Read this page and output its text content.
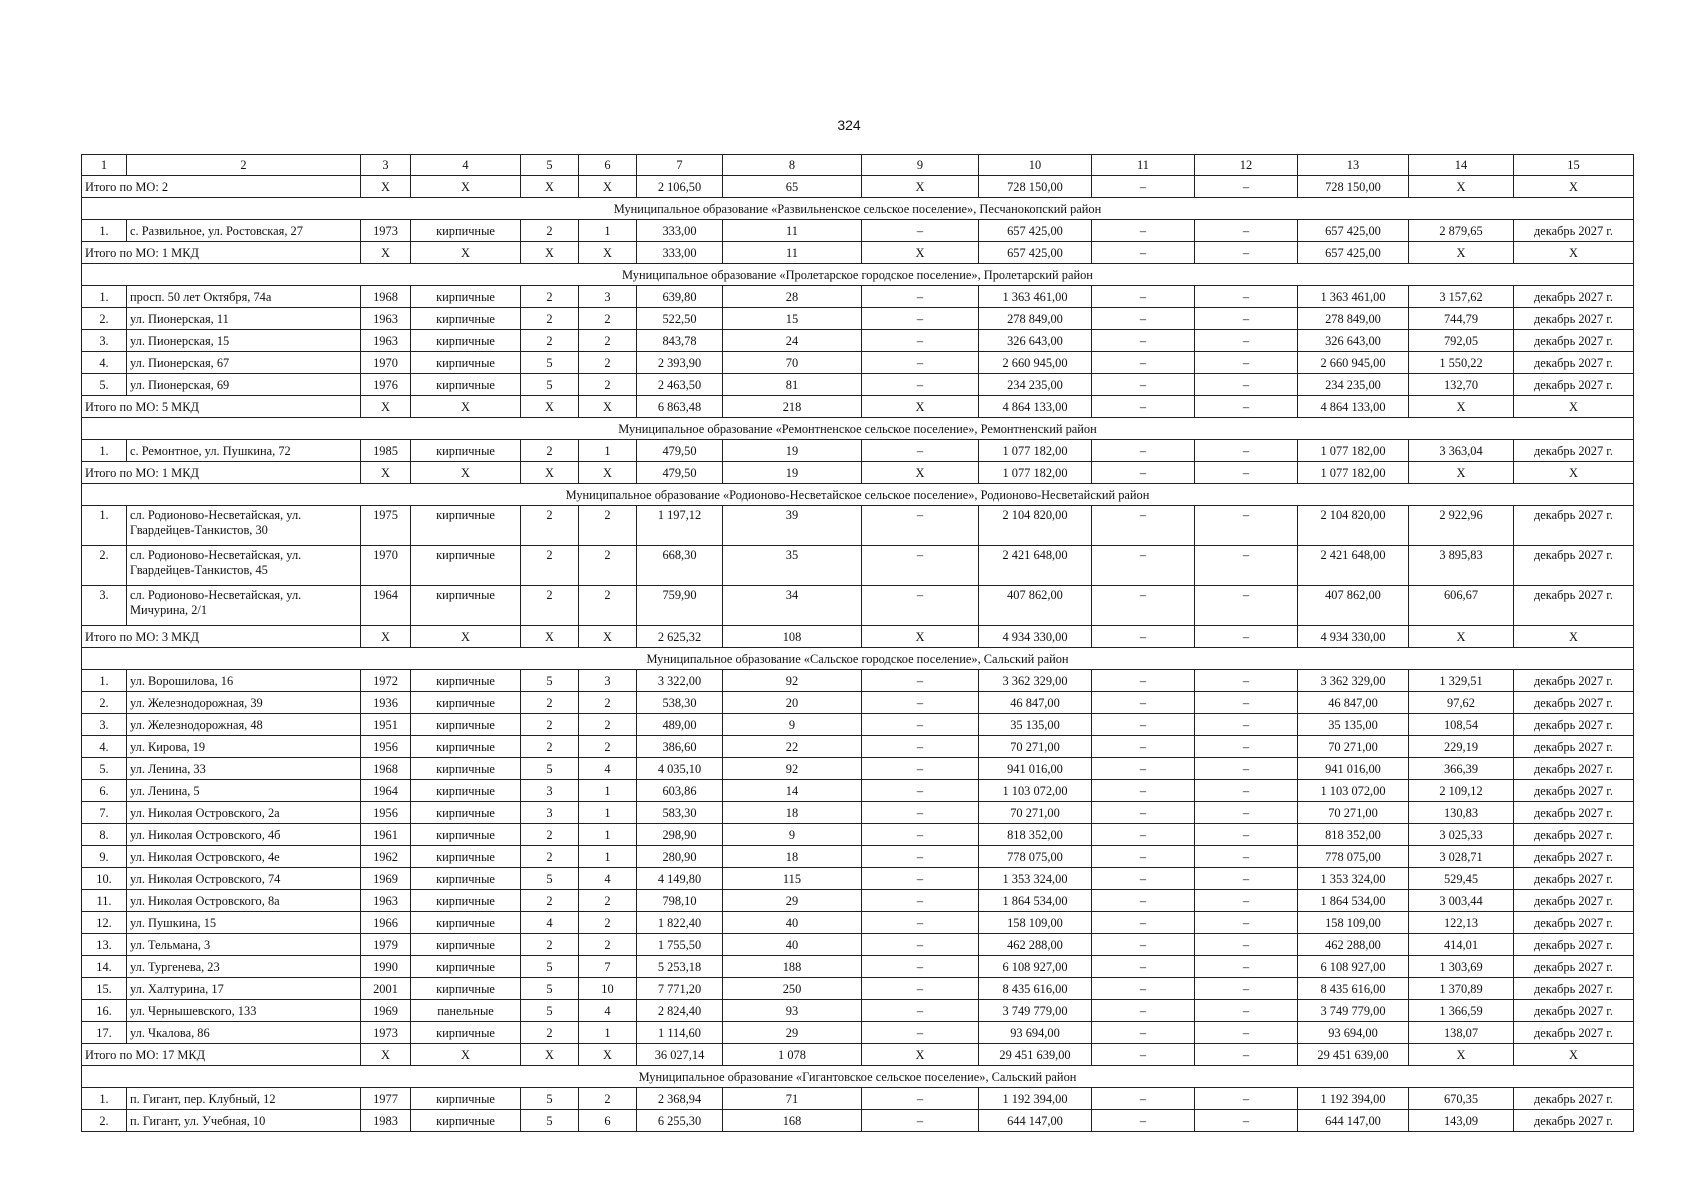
324
1	2	3	4	5	6	7	8	9	10	11	12	13	14	15
Итого по МО: 2		X	X	X	X	2 106,50	65	X	728 150,00	–	–	728 150,00	X	X
Муниципальное образование «Развильненское сельское поселение», Песчанокопский район														
1.	с. Развильное, ул. Ростовская, 27	1973	кирпичные	2	1	333,00	11	–	657 425,00	–	–	657 425,00	2 879,65	декабрь 2027 г.
Итого по МО: 1 МКД		X	X	X	X	333,00	11	X	657 425,00	–	–	657 425,00	X	X
Муниципальное образование «Пролетарское городское поселение», Пролетарский район														
1.	просп. 50 лет Октября, 74а	1968	кирпичные	2	3	639,80	28	–	1 363 461,00	–	–	1 363 461,00	3 157,62	декабрь 2027 г.
2.	ул. Пионерская, 11	1963	кирпичные	2	2	522,50	15	–	278 849,00	–	–	278 849,00	744,79	декабрь 2027 г.
3.	ул. Пионерская, 15	1963	кирпичные	2	2	843,78	24	–	326 643,00	–	–	326 643,00	792,05	декабрь 2027 г.
4.	ул. Пионерская, 67	1970	кирпичные	5	2	2 393,90	70	–	2 660 945,00	–	–	2 660 945,00	1 550,22	декабрь 2027 г.
5.	ул. Пионерская, 69	1976	кирпичные	5	2	2 463,50	81	–	234 235,00	–	–	234 235,00	132,70	декабрь 2027 г.
Итого по МО: 5 МКД		X	X	X	X	6 863,48	218	X	4 864 133,00	–	–	4 864 133,00	X	X
Муниципальное образование «Ремонтненское сельское поселение», Ремонтненский район														
1.	с. Ремонтное, ул. Пушкина, 72	1985	кирпичные	2	1	479,50	19	–	1 077 182,00	–	–	1 077 182,00	3 363,04	декабрь 2027 г.
Итого по МО: 1 МКД		X	X	X	X	479,50	19	X	1 077 182,00	–	–	1 077 182,00	X	X
Муниципальное образование «Родионово-Несветайское сельское поселение», Родионово-Несветайский район														
1.	сл. Родионово-Несветайская, ул. Гвардейцев-Танкистов, 30	1975	кирпичные	2	2	1 197,12	39	–	2 104 820,00	–	–	2 104 820,00	2 922,96	декабрь 2027 г.
2.	сл. Родионово-Несветайская, ул. Гвардейцев-Танкистов, 45	1970	кирпичные	2	2	668,30	35	–	2 421 648,00	–	–	2 421 648,00	3 895,83	декабрь 2027 г.
3.	сл. Родионово-Несветайская, ул. Мичурина, 2/1	1964	кирпичные	2	2	759,90	34	–	407 862,00	–	–	407 862,00	606,67	декабрь 2027 г.
Итого по МО: 3 МКД		X	X	X	X	2 625,32	108	X	4 934 330,00	–	–	4 934 330,00	X	X
Муниципальное образование «Сальское городское поселение», Сальский район														
1.	ул. Ворошилова, 16	1972	кирпичные	5	3	3 322,00	92	–	3 362 329,00	–	–	3 362 329,00	1 329,51	декабрь 2027 г.
2.	ул. Железнодорожная, 39	1936	кирпичные	2	2	538,30	20	–	46 847,00	–	–	46 847,00	97,62	декабрь 2027 г.
3.	ул. Железнодорожная, 48	1951	кирпичные	2	2	489,00	9	–	35 135,00	–	–	35 135,00	108,54	декабрь 2027 г.
4.	ул. Кирова, 19	1956	кирпичные	2	2	386,60	22	–	70 271,00	–	–	70 271,00	229,19	декабрь 2027 г.
5.	ул. Ленина, 33	1968	кирпичные	5	4	4 035,10	92	–	941 016,00	–	–	941 016,00	366,39	декабрь 2027 г.
6.	ул. Ленина, 5	1964	кирпичные	3	1	603,86	14	–	1 103 072,00	–	–	1 103 072,00	2 109,12	декабрь 2027 г.
7.	ул. Николая Островского, 2а	1956	кирпичные	3	1	583,30	18	–	70 271,00	–	–	70 271,00	130,83	декабрь 2027 г.
8.	ул. Николая Островского, 4б	1961	кирпичные	2	1	298,90	9	–	818 352,00	–	–	818 352,00	3 025,33	декабрь 2027 г.
9.	ул. Николая Островского, 4е	1962	кирпичные	2	1	280,90	18	–	778 075,00	–	–	778 075,00	3 028,71	декабрь 2027 г.
10.	ул. Николая Островского, 74	1969	кирпичные	5	4	4 149,80	115	–	1 353 324,00	–	–	1 353 324,00	529,45	декабрь 2027 г.
11.	ул. Николая Островского, 8а	1963	кирпичные	2	2	798,10	29	–	1 864 534,00	–	–	1 864 534,00	3 003,44	декабрь 2027 г.
12.	ул. Пушкина, 15	1966	кирпичные	4	2	1 822,40	40	–	158 109,00	–	–	158 109,00	122,13	декабрь 2027 г.
13.	ул. Тельмана, 3	1979	кирпичные	2	2	1 755,50	40	–	462 288,00	–	–	462 288,00	414,01	декабрь 2027 г.
14.	ул. Тургенева, 23	1990	кирпичные	5	7	5 253,18	188	–	6 108 927,00	–	–	6 108 927,00	1 303,69	декабрь 2027 г.
15.	ул. Халтурина, 17	2001	кирпичные	5	10	7 771,20	250	–	8 435 616,00	–	–	8 435 616,00	1 370,89	декабрь 2027 г.
16.	ул. Чернышевского, 133	1969	панельные	5	4	2 824,40	93	–	3 749 779,00	–	–	3 749 779,00	1 366,59	декабрь 2027 г.
17.	ул. Чкалова, 86	1973	кирпичные	2	1	1 114,60	29	–	93 694,00	–	–	93 694,00	138,07	декабрь 2027 г.
Итого по МО: 17 МКД		X	X	X	X	36 027,14	1 078	X	29 451 639,00	–	–	29 451 639,00	X	X
Муниципальное образование «Гигантовское сельское поселение», Сальский район														
1.	п. Гигант, пер. Клубный, 12	1977	кирпичные	5	2	2 368,94	71	–	1 192 394,00	–	–	1 192 394,00	670,35	декабрь 2027 г.
2.	п. Гигант, ул. Учебная, 10	1983	кирпичные	5	6	6 255,30	168	–	644 147,00	–	–	644 147,00	143,09	декабрь 2027 г.
